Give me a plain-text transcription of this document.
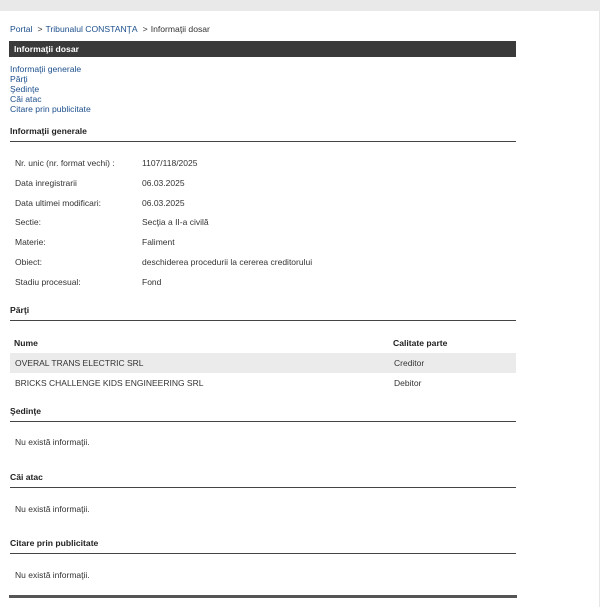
Portal > Tribunalul CONSTANŢA > Informaţii dosar
Informaţii dosar
Informaţii generale
Părţi
Şedinţe
Căi atac
Citare prin publicitate
Informaţii generale
Nr. unic (nr. format vechi) :	1107/118/2025
Data inregistrarii	06.03.2025
Data ultimei modificari:	06.03.2025
Sectie:	Secţia a II-a civilă
Materie:	Faliment
Obiect:	deschiderea procedurii la cererea creditorului
Stadiu procesual:	Fond
Părţi
Nume	Calitate parte
OVERAL TRANS ELECTRIC SRL	Creditor
BRICKS CHALLENGE KIDS ENGINEERING SRL	Debitor
Şedinţe
Nu există informaţii.
Căi atac
Nu există informaţii.
Citare prin publicitate
Nu există informaţii.
